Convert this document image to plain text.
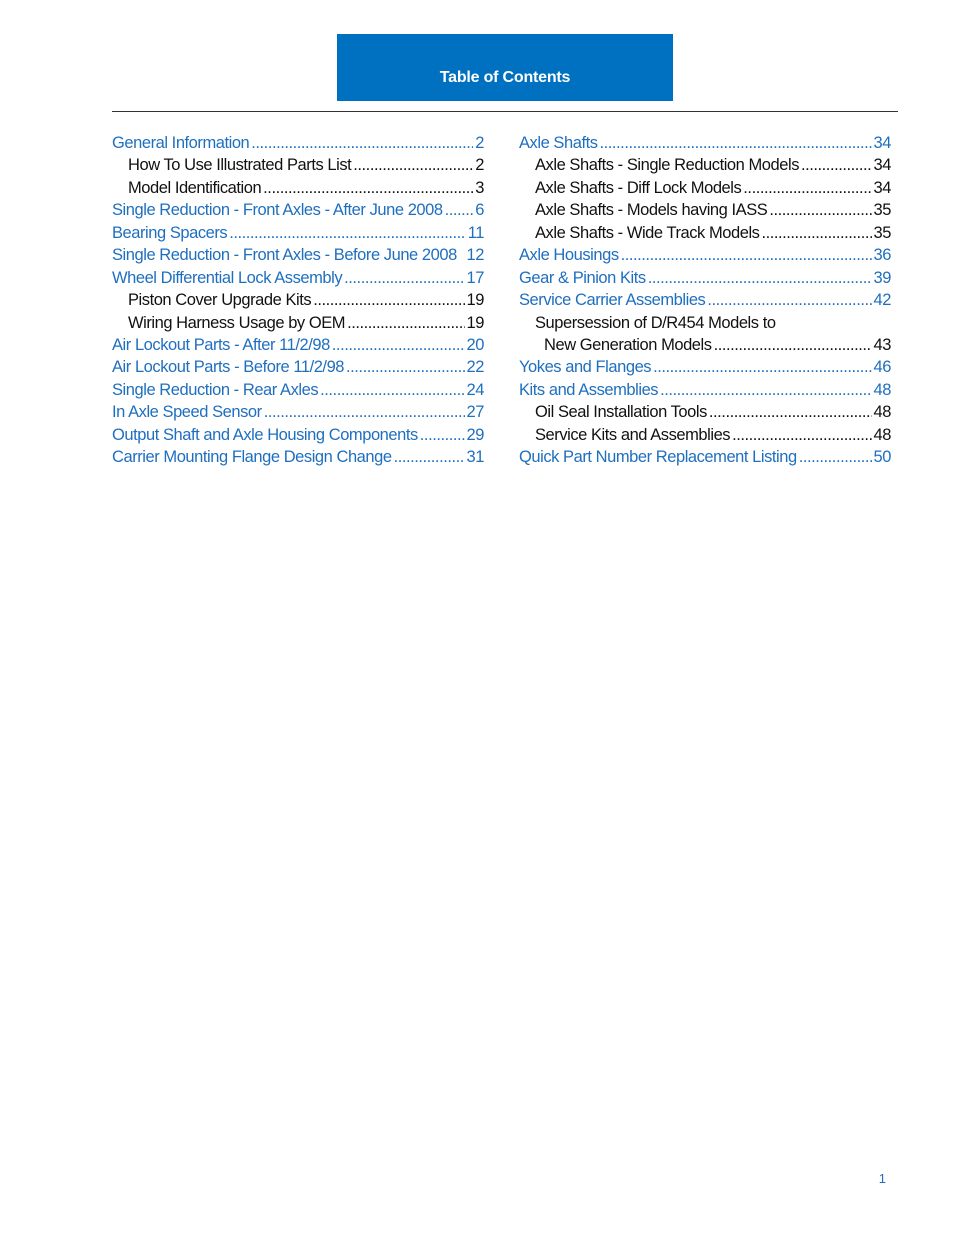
Table of Contents
General Information .....	2
How To Use Illustrated Parts List .....	2
Model Identification .....	3
Single Reduction - Front Axles - After June 2008 ..... 6
Bearing Spacers .....	11
Single Reduction - Front Axles - Before June 2008 12
Wheel Differential Lock Assembly .....	17
Piston Cover Upgrade Kits .....	19
Wiring Harness Usage by OEM .....	19
Air Lockout Parts - After 11/2/98 .....	20
Air Lockout Parts - Before 11/2/98 .....	22
Single Reduction - Rear Axles .....	24
In Axle Speed Sensor .....	27
Output Shaft and Axle Housing Components .....	29
Carrier Mounting Flange Design Change .....	31
Axle Shafts .....	34
Axle Shafts - Single Reduction Models .....	34
Axle Shafts - Diff Lock Models .....	34
Axle Shafts - Models having IASS .....	35
Axle Shafts - Wide Track Models .....	35
Axle Housings .....	36
Gear & Pinion Kits .....	39
Service Carrier Assemblies .....	42
Supersession of D/R454 Models to
New Generation Models .....	43
Yokes and Flanges .....	46
Kits and Assemblies .....	48
Oil Seal Installation Tools .....	48
Service Kits and Assemblies .....	48
Quick Part Number Replacement Listing .....	50
1
